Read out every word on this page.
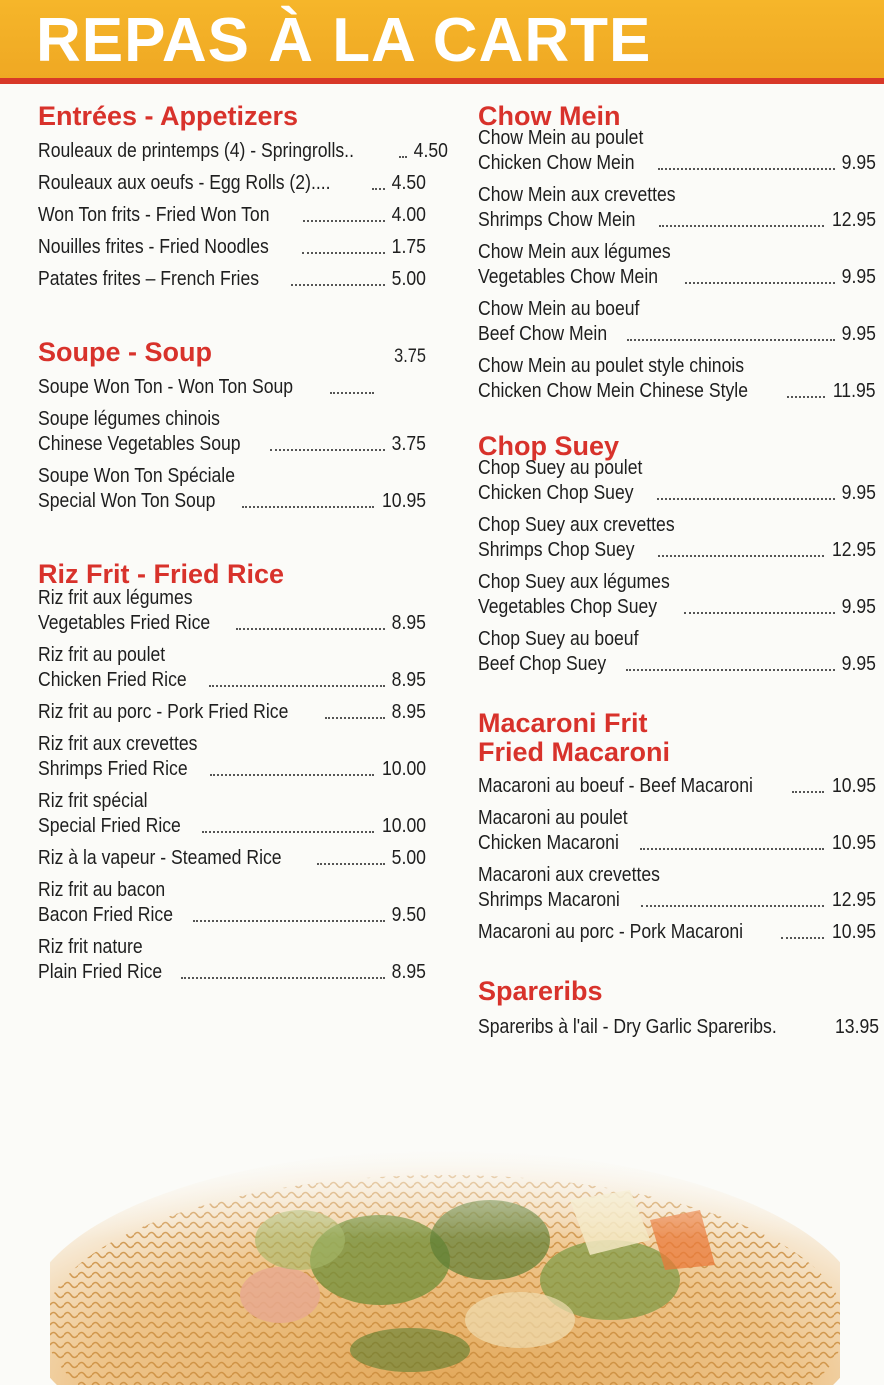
REPAS À LA CARTE
Entrées - Appetizers
Rouleaux de printemps (4) - Springrolls..	4.50
Rouleaux aux oeufs - Egg Rolls (2)....	4.50
Won Ton frits - Fried Won Ton	4.00
Nouilles frites - Fried Noodles	1.75
Patates frites – French Fries	5.00
Soupe - Soup	3.75
Soupe Won Ton - Won Ton Soup
Soupe légumes chinois
Chinese Vegetables Soup	3.75
Soupe Won Ton Spéciale
Special Won Ton Soup	10.95
Riz Frit - Fried Rice
Riz frit aux légumes
Vegetables Fried Rice	8.95
Riz frit au poulet
Chicken Fried Rice	8.95
Riz frit au porc - Pork Fried Rice	8.95
Riz frit aux crevettes
Shrimps Fried Rice	10.00
Riz frit spécial
Special Fried Rice	10.00
Riz à la vapeur - Steamed Rice	5.00
Riz frit au bacon
Bacon Fried Rice	9.50
Riz frit nature
Plain Fried Rice	8.95
Chow Mein
Chow Mein au poulet
Chicken Chow Mein	9.95
Chow Mein aux crevettes
Shrimps Chow Mein	12.95
Chow Mein aux légumes
Vegetables Chow Mein	9.95
Chow Mein au boeuf
Beef Chow Mein	9.95
Chow Mein au poulet style chinois
Chicken Chow Mein Chinese Style	11.95
Chop Suey
Chop Suey au poulet
Chicken Chop Suey	9.95
Chop Suey aux crevettes
Shrimps Chop Suey	12.95
Chop Suey aux légumes
Vegetables Chop Suey	9.95
Chop Suey au boeuf
Beef Chop Suey	9.95
Macaroni Frit
Fried Macaroni
Macaroni au boeuf - Beef Macaroni	10.95
Macaroni au poulet
Chicken Macaroni	10.95
Macaroni aux crevettes
Shrimps Macaroni	12.95
Macaroni au porc - Pork Macaroni	10.95
Spareribs
Spareribs à l'ail - Dry Garlic Spareribs.	13.95
